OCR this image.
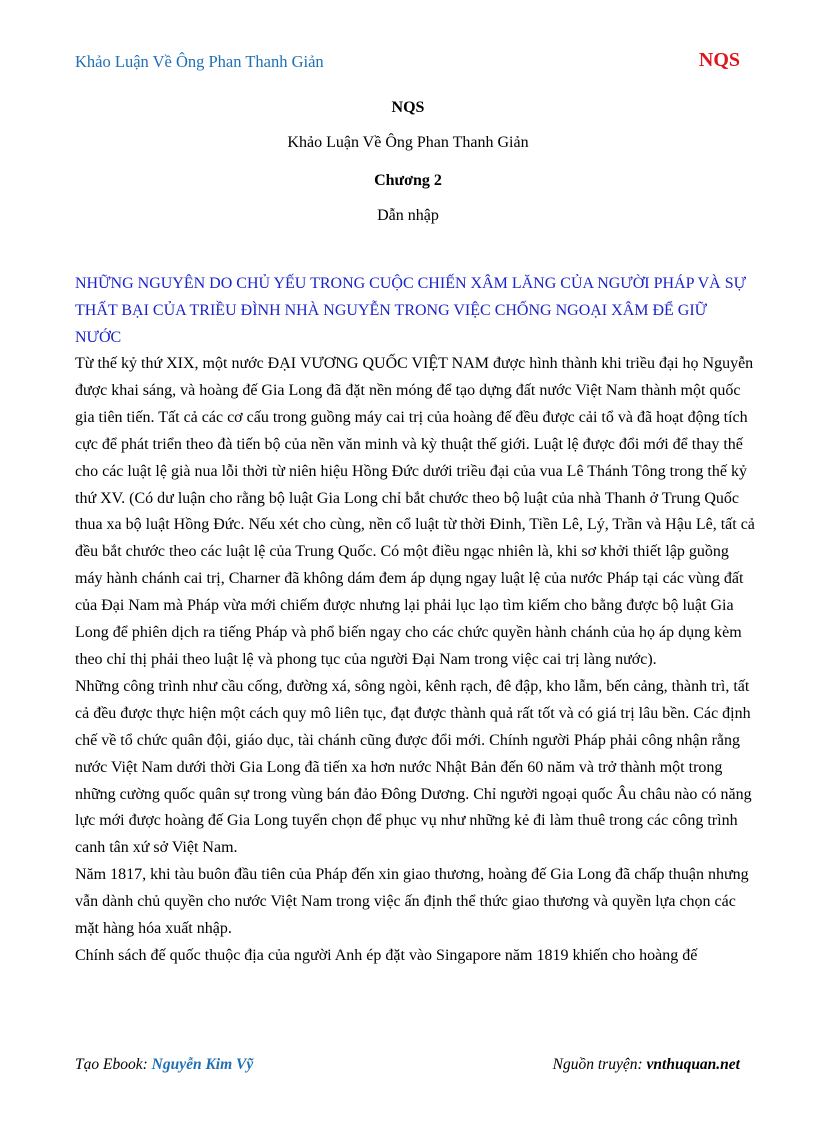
Khảo Luận Về Ông Phan Thanh Giản	NQS
NQS
Khảo Luận Về Ông Phan Thanh Giản
Chương 2
Dẫn nhập
NHỮNG NGUYÊN DO CHỦ YẾU TRONG CUỘC CHIẾN XÂM LĂNG CỦA NGƯỜI PHÁP VÀ SỰ THẤT BẠI CỦA TRIỀU ĐÌNH NHÀ NGUYỄN TRONG VIỆC CHỐNG NGOẠI XÂM ĐỂ GIỮ NƯỚC

Từ thế kỷ thứ XIX, một nước ĐẠI VƯƠNG QUỐC VIỆT NAM được hình thành khi triều đại họ Nguyễn được khai sáng, và hoàng đế Gia Long đã đặt nền móng để tạo dựng đất nước Việt Nam thành một quốc gia tiên tiến. Tất cả các cơ cấu trong guồng máy cai trị của hoàng đế đều được cải tổ và đã hoạt động tích cực để phát triển theo đà tiến bộ của nền văn minh và kỳ thuật thế giới. Luật lệ được đổi mới để thay thế cho các luật lệ già nua lỗi thời từ niên hiệu Hồng Đức dưới triều đại của vua Lê Thánh Tông trong thế kỷ thứ XV. (Có dư luận cho rằng bộ luật Gia Long chỉ bắt chước theo bộ luật của nhà Thanh ở Trung Quốc thua xa bộ luật Hồng Đức. Nếu xét cho cùng, nền cổ luật từ thời Đinh, Tiền Lê, Lý, Trần và Hậu Lê, tất cả đều bắt chước theo các luật lệ của Trung Quốc. Có một điều ngạc nhiên là, khi sơ khởi thiết lập guồng máy hành chánh cai trị, Charner đã không dám đem áp dụng ngay luật lệ của nước Pháp tại các vùng đất của Đại Nam mà Pháp vừa mới chiếm được nhưng lại phải lục lạo tìm kiếm cho bằng được bộ luật Gia Long để phiên dịch ra tiếng Pháp và phổ biến ngay cho các chức quyền hành chánh của họ áp dụng kèm theo chỉ thị phải theo luật lệ và phong tục của người Đại Nam trong việc cai trị làng nước).

Những công trình như cầu cống, đường xá, sông ngòi, kênh rạch, đê đập, kho lẫm, bến cảng, thành trì, tất cả đều được thực hiện một cách quy mô liên tục, đạt được thành quả rất tốt và có giá trị lâu bền. Các định chế về tổ chức quân đội, giáo dục, tài chánh cũng được đổi mới. Chính người Pháp phải công nhận rằng nước Việt Nam dưới thời Gia Long đã tiến xa hơn nước Nhật Bản đến 60 năm và trở thành một trong những cường quốc quân sự trong vùng bán đảo Đông Dương. Chỉ người ngoại quốc Âu châu nào có năng lực mới được hoàng đế Gia Long tuyển chọn để phục vụ như những kẻ đi làm thuê trong các công trình canh tân xứ sở Việt Nam.

Năm 1817, khi tàu buôn đầu tiên của Pháp đến xin giao thương, hoàng đế Gia Long đã chấp thuận nhưng vẫn dành chủ quyền cho nước Việt Nam trong việc ấn định thể thức giao thương và quyền lựa chọn các mặt hàng hóa xuất nhập.

Chính sách đế quốc thuộc địa của người Anh ép đặt vào Singapore năm 1819 khiến cho hoàng đế

Tạo Ebook: Nguyễn Kim Vỹ	Nguồn truyện: vnthuquan.net
